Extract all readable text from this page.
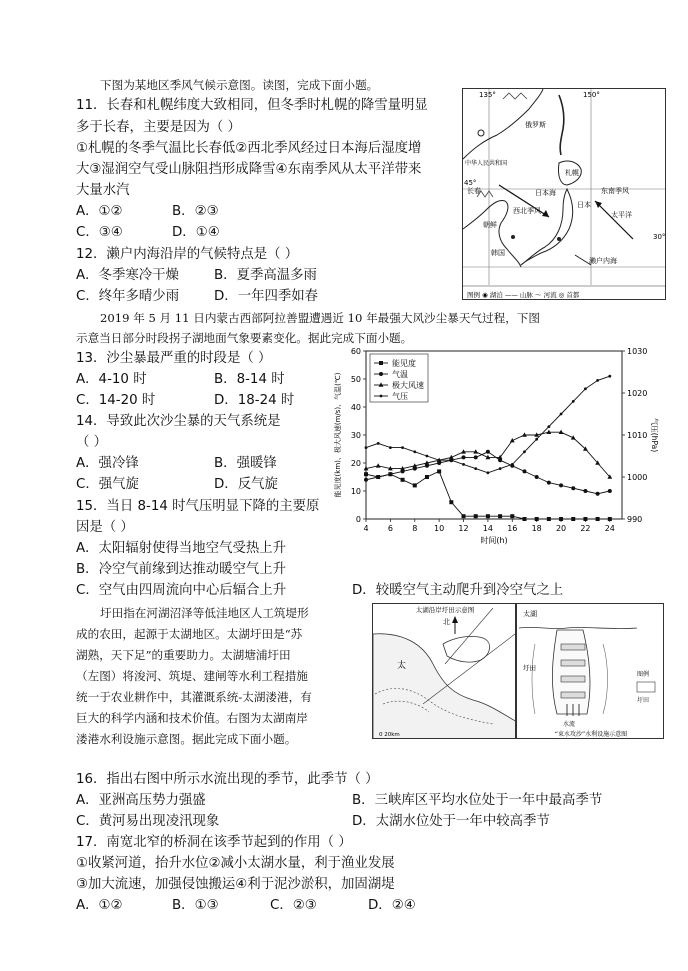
下图为某地区季风气候示意图。读图，完成下面小题。
11．长春和札幌纬度大致相同，但冬季时札幌的降雪量明显
多于长春，主要是因为（ ）
①札幌的冬季气温比长春低②西北季风经过日本海后湿度增
大③湿润空气受山脉阻挡形成降雪④东南季风从太平洋带来
大量水汽
A．①②	B．②③
C．③④	D．①④
12．濑户内海沿岸的气候特点是（ ）
A．冬季寒冷干燥	B．夏季高温多雨
C．终年多晴少雨	D．一年四季如春
135°	150°
45°
30°
俄罗斯
中华人民共和国
长春
札幌
西北季风
东南季风
日本海
日本
太平洋
朝鲜
韩国
濑户内海
图例 ◉ 湖泊 —— 山脉 ～ 河流 ◎ 首都
2019 年 5 月 11 日内蒙古西部阿拉善盟遭遇近 10 年最强大风沙尘暴天气过程，下图
示意当日部分时段拐子湖地面气象要素变化。据此完成下面小题。
13．沙尘暴最严重的时段是（ ）
A．4-10 时	B．8-14 时
C．14-20 时	D．18-24 时
14．导致此次沙尘暴的天气系统是
（ ）
A．强冷锋	B．强暖锋
C．强气旋	D．反气旋
15．当日 8-14 时气压明显下降的主要原
因是（ ）
A．太阳辐射使得当地空气受热上升
B．冷空气前缘到达推动暖空气上升
C．空气由四周流向中心后辐合上升	D．较暖空气主动爬升到冷空气之上
0
10
20
30
40
50
60
990
1000
1010
1020
1030
4 6 8 10 12 14 16 18 20 22 24
能见度
气温
极大风速
气压
时间(h)
能见度(km)、极大风速(m/s)、气温(℃)	气压(hPa)
圩田指在河湖沼泽等低洼地区人工筑堤形
成的农田，起源于太湖地区。太湖圩田是“苏
湖熟，天下足”的重要助力。太湖塘浦圩田
（左图）将浚河、筑堤、建闸等水利工程措施
统一于农业耕作中，其灌溉系统-太湖溇港，有
巨大的科学内涵和技术价值。右图为太湖南岸
溇港水利设施示意图。据此完成下面小题。
太湖沿岸圩田示意图
北
太
0 20km	“束水攻沙”水利设施示意图
太湖
水流
圩田
图例
圩田
16．指出右图中所示水流出现的季节，此季节（ ）
A．亚洲高压势力强盛	B．三峡库区平均水位处于一年中最高季节
C．黄河易出现凌汛现象	D．太湖水位处于一年中较高季节
17．南宽北窄的桥洞在该季节起到的作用（ ）
①收紧河道，抬升水位②减小太湖水量，利于渔业发展
③加大流速，加强侵蚀搬运④利于泥沙淤积，加固湖堤
A．①②	B．①③	C．②③	D．②④
